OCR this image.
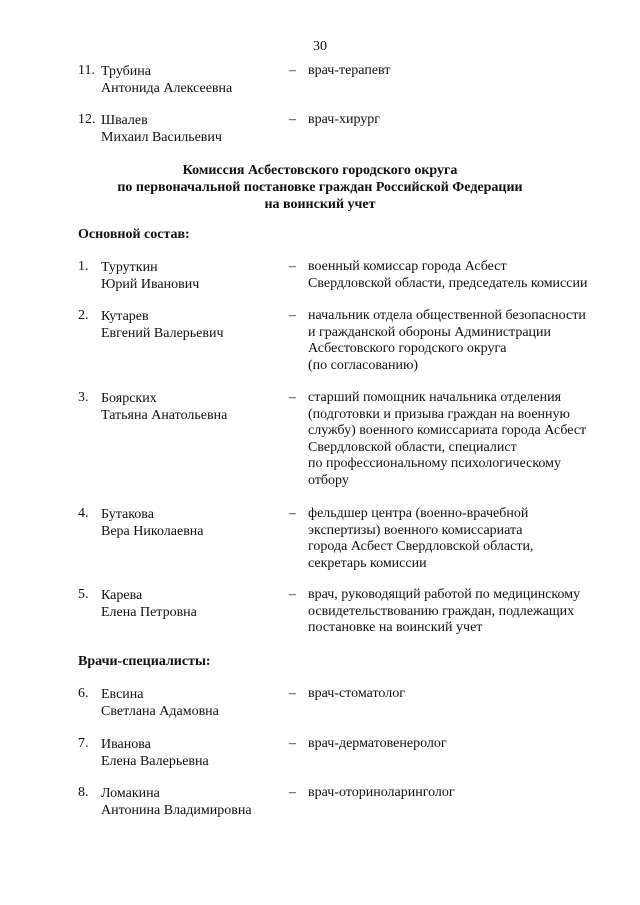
30
11. Трубина
Антонида Алексеевна
– врач-терапевт
12. Швалев
Михаил Васильевич
– врач-хирург
Комиссия Асбестовского городского округа
по первоначальной постановке граждан Российской Федерации
на воинский учет
Основной состав:
1. Туруткин
Юрий Иванович
– военный комиссар города Асбест
Свердловской области, председатель комиссии
2. Кутарев
Евгений Валерьевич
– начальник отдела общественной безопасности
и гражданской обороны Администрации
Асбестовского городского округа
(по согласованию)
3. Боярских
Татьяна Анатольевна
– старший помощник начальника отделения
(подготовки и призыва граждан на военную
службу) военного комиссариата города Асбест
Свердловской области, специалист
по профессиональному психологическому
отбору
4. Бутакова
Вера Николаевна
– фельдшер центра (военно-врачебной
экспертизы) военного комиссариата
города Асбест Свердловской области,
секретарь комиссии
5. Карева
Елена Петровна
– врач, руководящий работой по медицинскому
освидетельствованию граждан, подлежащих
постановке на воинский учет
Врачи-специалисты:
6. Евсина
Светлана Адамовна
– врач-стоматолог
7. Иванова
Елена Валерьевна
– врач-дерматовенеролог
8. Ломакина
Антонина Владимировна
– врач-оториноларинголог
